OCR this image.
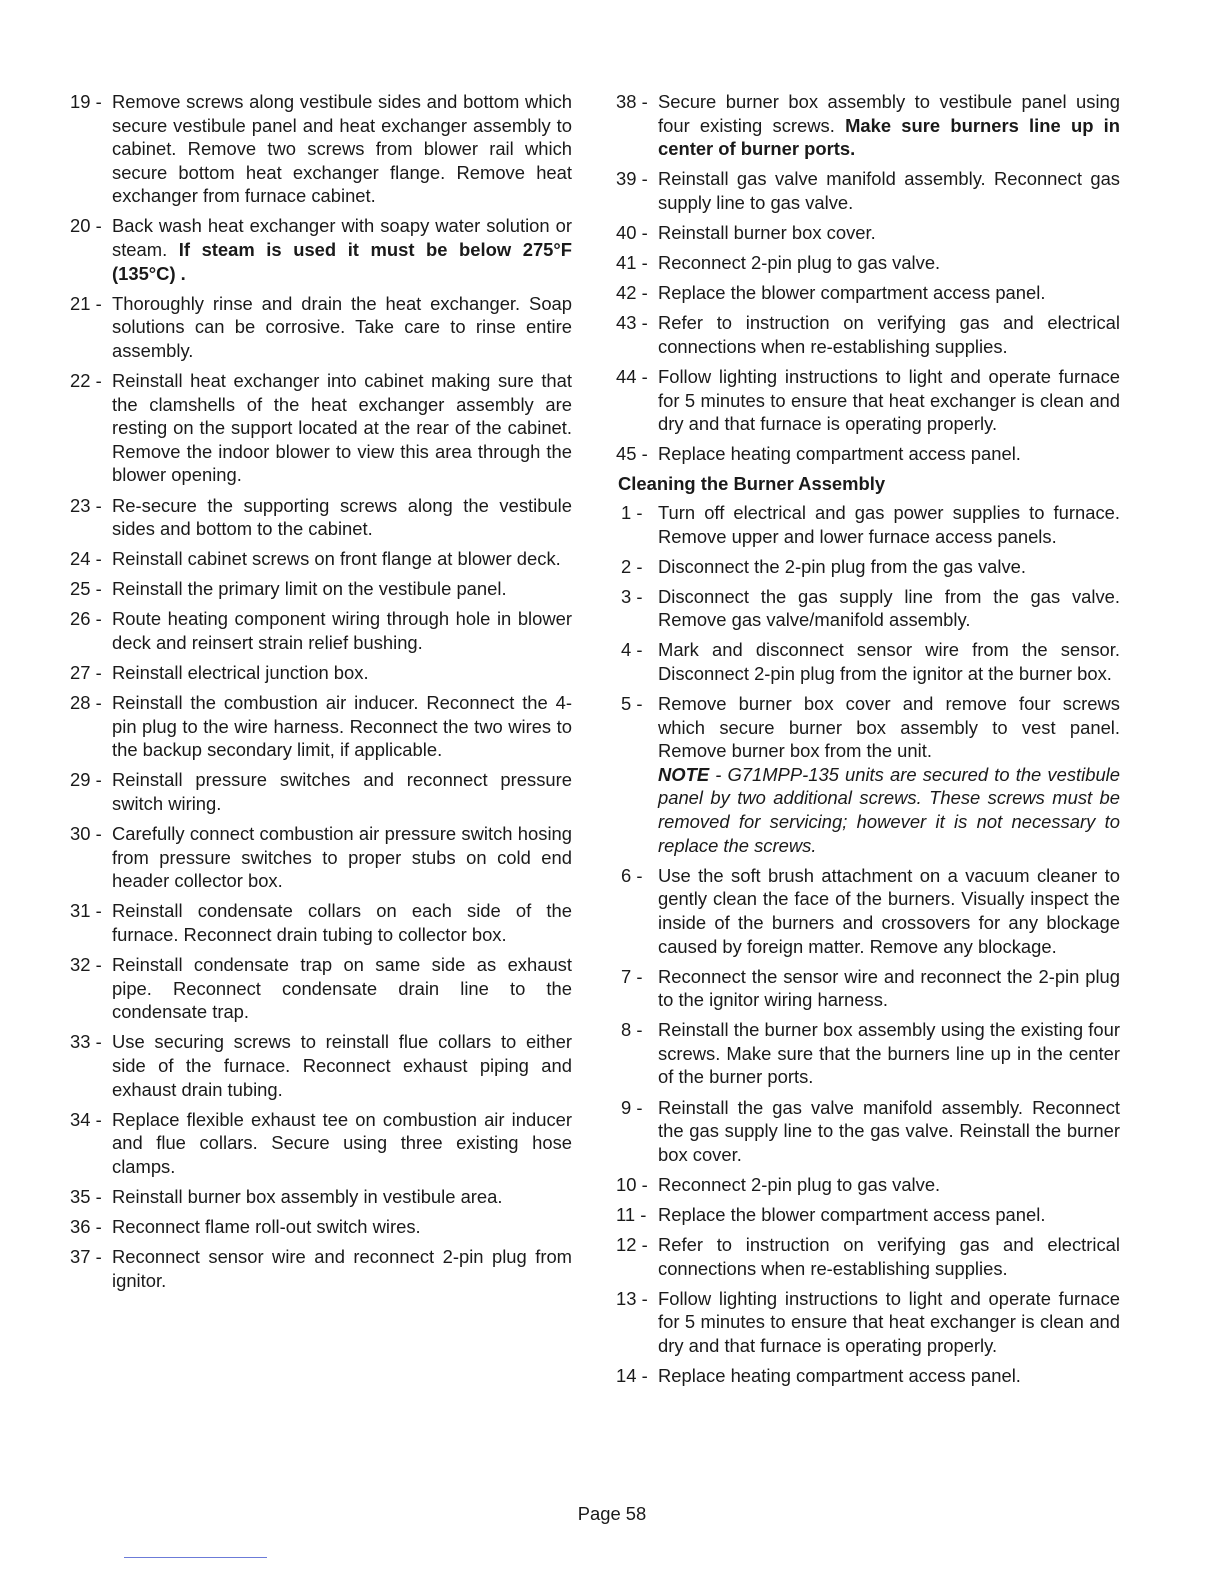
19 - Remove screws along vestibule sides and bottom which secure vestibule panel and heat exchanger assembly to cabinet. Remove two screws from blower rail which secure bottom heat exchanger flange. Remove heat exchanger from furnace cabinet.
20 - Back wash heat exchanger with soapy water solution or steam. If steam is used it must be below 275°F (135°C) .
21 - Thoroughly rinse and drain the heat exchanger. Soap solutions can be corrosive. Take care to rinse entire assembly.
22 - Reinstall heat exchanger into cabinet making sure that the clamshells of the heat exchanger assembly are resting on the support located at the rear of the cabinet. Remove the indoor blower to view this area through the blower opening.
23 - Re-secure the supporting screws along the vestibule sides and bottom to the cabinet.
24 - Reinstall cabinet screws on front flange at blower deck.
25 - Reinstall the primary limit on the vestibule panel.
26 - Route heating component wiring through hole in blower deck and reinsert strain relief bushing.
27 - Reinstall electrical junction box.
28 - Reinstall the combustion air inducer. Reconnect the 4-pin plug to the wire harness. Reconnect the two wires to the backup secondary limit, if applicable.
29 - Reinstall pressure switches and reconnect pressure switch wiring.
30 - Carefully connect combustion air pressure switch hosing from pressure switches to proper stubs on cold end header collector box.
31 - Reinstall condensate collars on each side of the furnace. Reconnect drain tubing to collector box.
32 - Reinstall condensate trap on same side as exhaust pipe. Reconnect condensate drain line to the condensate trap.
33 - Use securing screws to reinstall flue collars to either side of the furnace. Reconnect exhaust piping and exhaust drain tubing.
34 - Replace flexible exhaust tee on combustion air inducer and flue collars. Secure using three existing hose clamps.
35 - Reinstall burner box assembly in vestibule area.
36 - Reconnect flame roll-out switch wires.
37 - Reconnect sensor wire and reconnect 2-pin plug from ignitor.
38 - Secure burner box assembly to vestibule panel using four existing screws. Make sure burners line up in center of burner ports.
39 - Reinstall gas valve manifold assembly. Reconnect gas supply line to gas valve.
40 - Reinstall burner box cover.
41 - Reconnect 2-pin plug to gas valve.
42 - Replace the blower compartment access panel.
43 - Refer to instruction on verifying gas and electrical connections when re-establishing supplies.
44 - Follow lighting instructions to light and operate furnace for 5 minutes to ensure that heat exchanger is clean and dry and that furnace is operating properly.
45 - Replace heating compartment access panel.
Cleaning the Burner Assembly
1 - Turn off electrical and gas power supplies to furnace. Remove upper and lower furnace access panels.
2 - Disconnect the 2-pin plug from the gas valve.
3 - Disconnect the gas supply line from the gas valve. Remove gas valve/manifold assembly.
4 - Mark and disconnect sensor wire from the sensor. Disconnect 2-pin plug from the ignitor at the burner box.
5 - Remove burner box cover and remove four screws which secure burner box assembly to vest panel. Remove burner box from the unit.
NOTE - G71MPP-135 units are secured to the vestibule panel by two additional screws. These screws must be removed for servicing; however it is not necessary to replace the screws.
6 - Use the soft brush attachment on a vacuum cleaner to gently clean the face of the burners. Visually inspect the inside of the burners and crossovers for any blockage caused by foreign matter. Remove any blockage.
7 - Reconnect the sensor wire and reconnect the 2-pin plug to the ignitor wiring harness.
8 - Reinstall the burner box assembly using the existing four screws. Make sure that the burners line up in the center of the burner ports.
9 - Reinstall the gas valve manifold assembly. Reconnect the gas supply line to the gas valve. Reinstall the burner box cover.
10 - Reconnect 2-pin plug to gas valve.
11 - Replace the blower compartment access panel.
12 - Refer to instruction on verifying gas and electrical connections when re-establishing supplies.
13 - Follow lighting instructions to light and operate furnace for 5 minutes to ensure that heat exchanger is clean and dry and that furnace is operating properly.
14 - Replace heating compartment access panel.
Page 58
